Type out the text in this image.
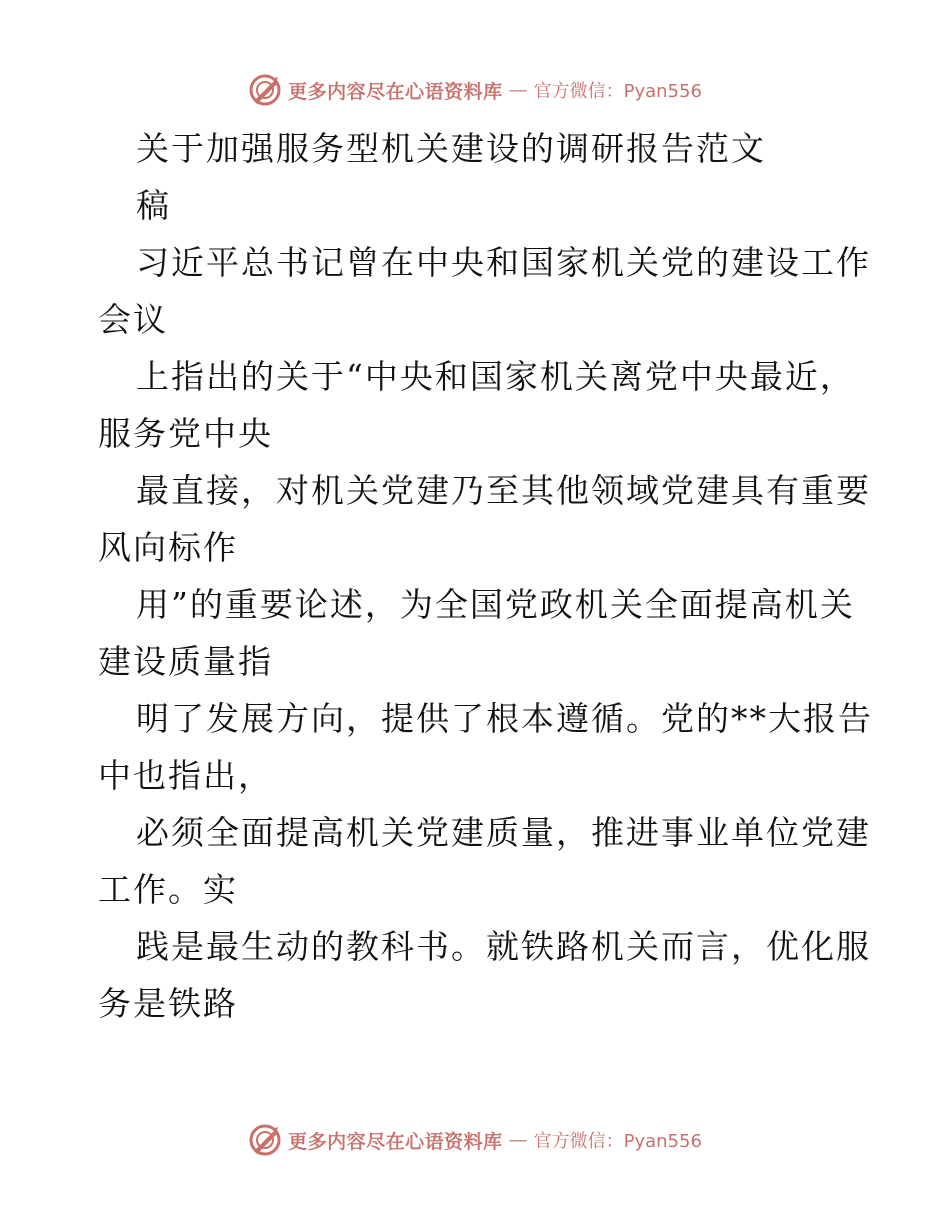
更多内容尽在心语资料库 — 官方微信：Pyan556
关于加强服务型机关建设的调研报告范文
稿
习近平总书记曾在中央和国家机关党的建设工作
会议
上指出的关于“中央和国家机关离党中央最近，
服务党中央
最直接，对机关党建乃至其他领域党建具有重要
风向标作
用”的重要论述，为全国党政机关全面提高机关
建设质量指
明了发展方向，提供了根本遵循。党的**大报告
中也指出，
必须全面提高机关党建质量，推进事业单位党建
工作。实
践是最生动的教科书。就铁路机关而言，优化服
务是铁路
更多内容尽在心语资料库 — 官方微信：Pyan556
